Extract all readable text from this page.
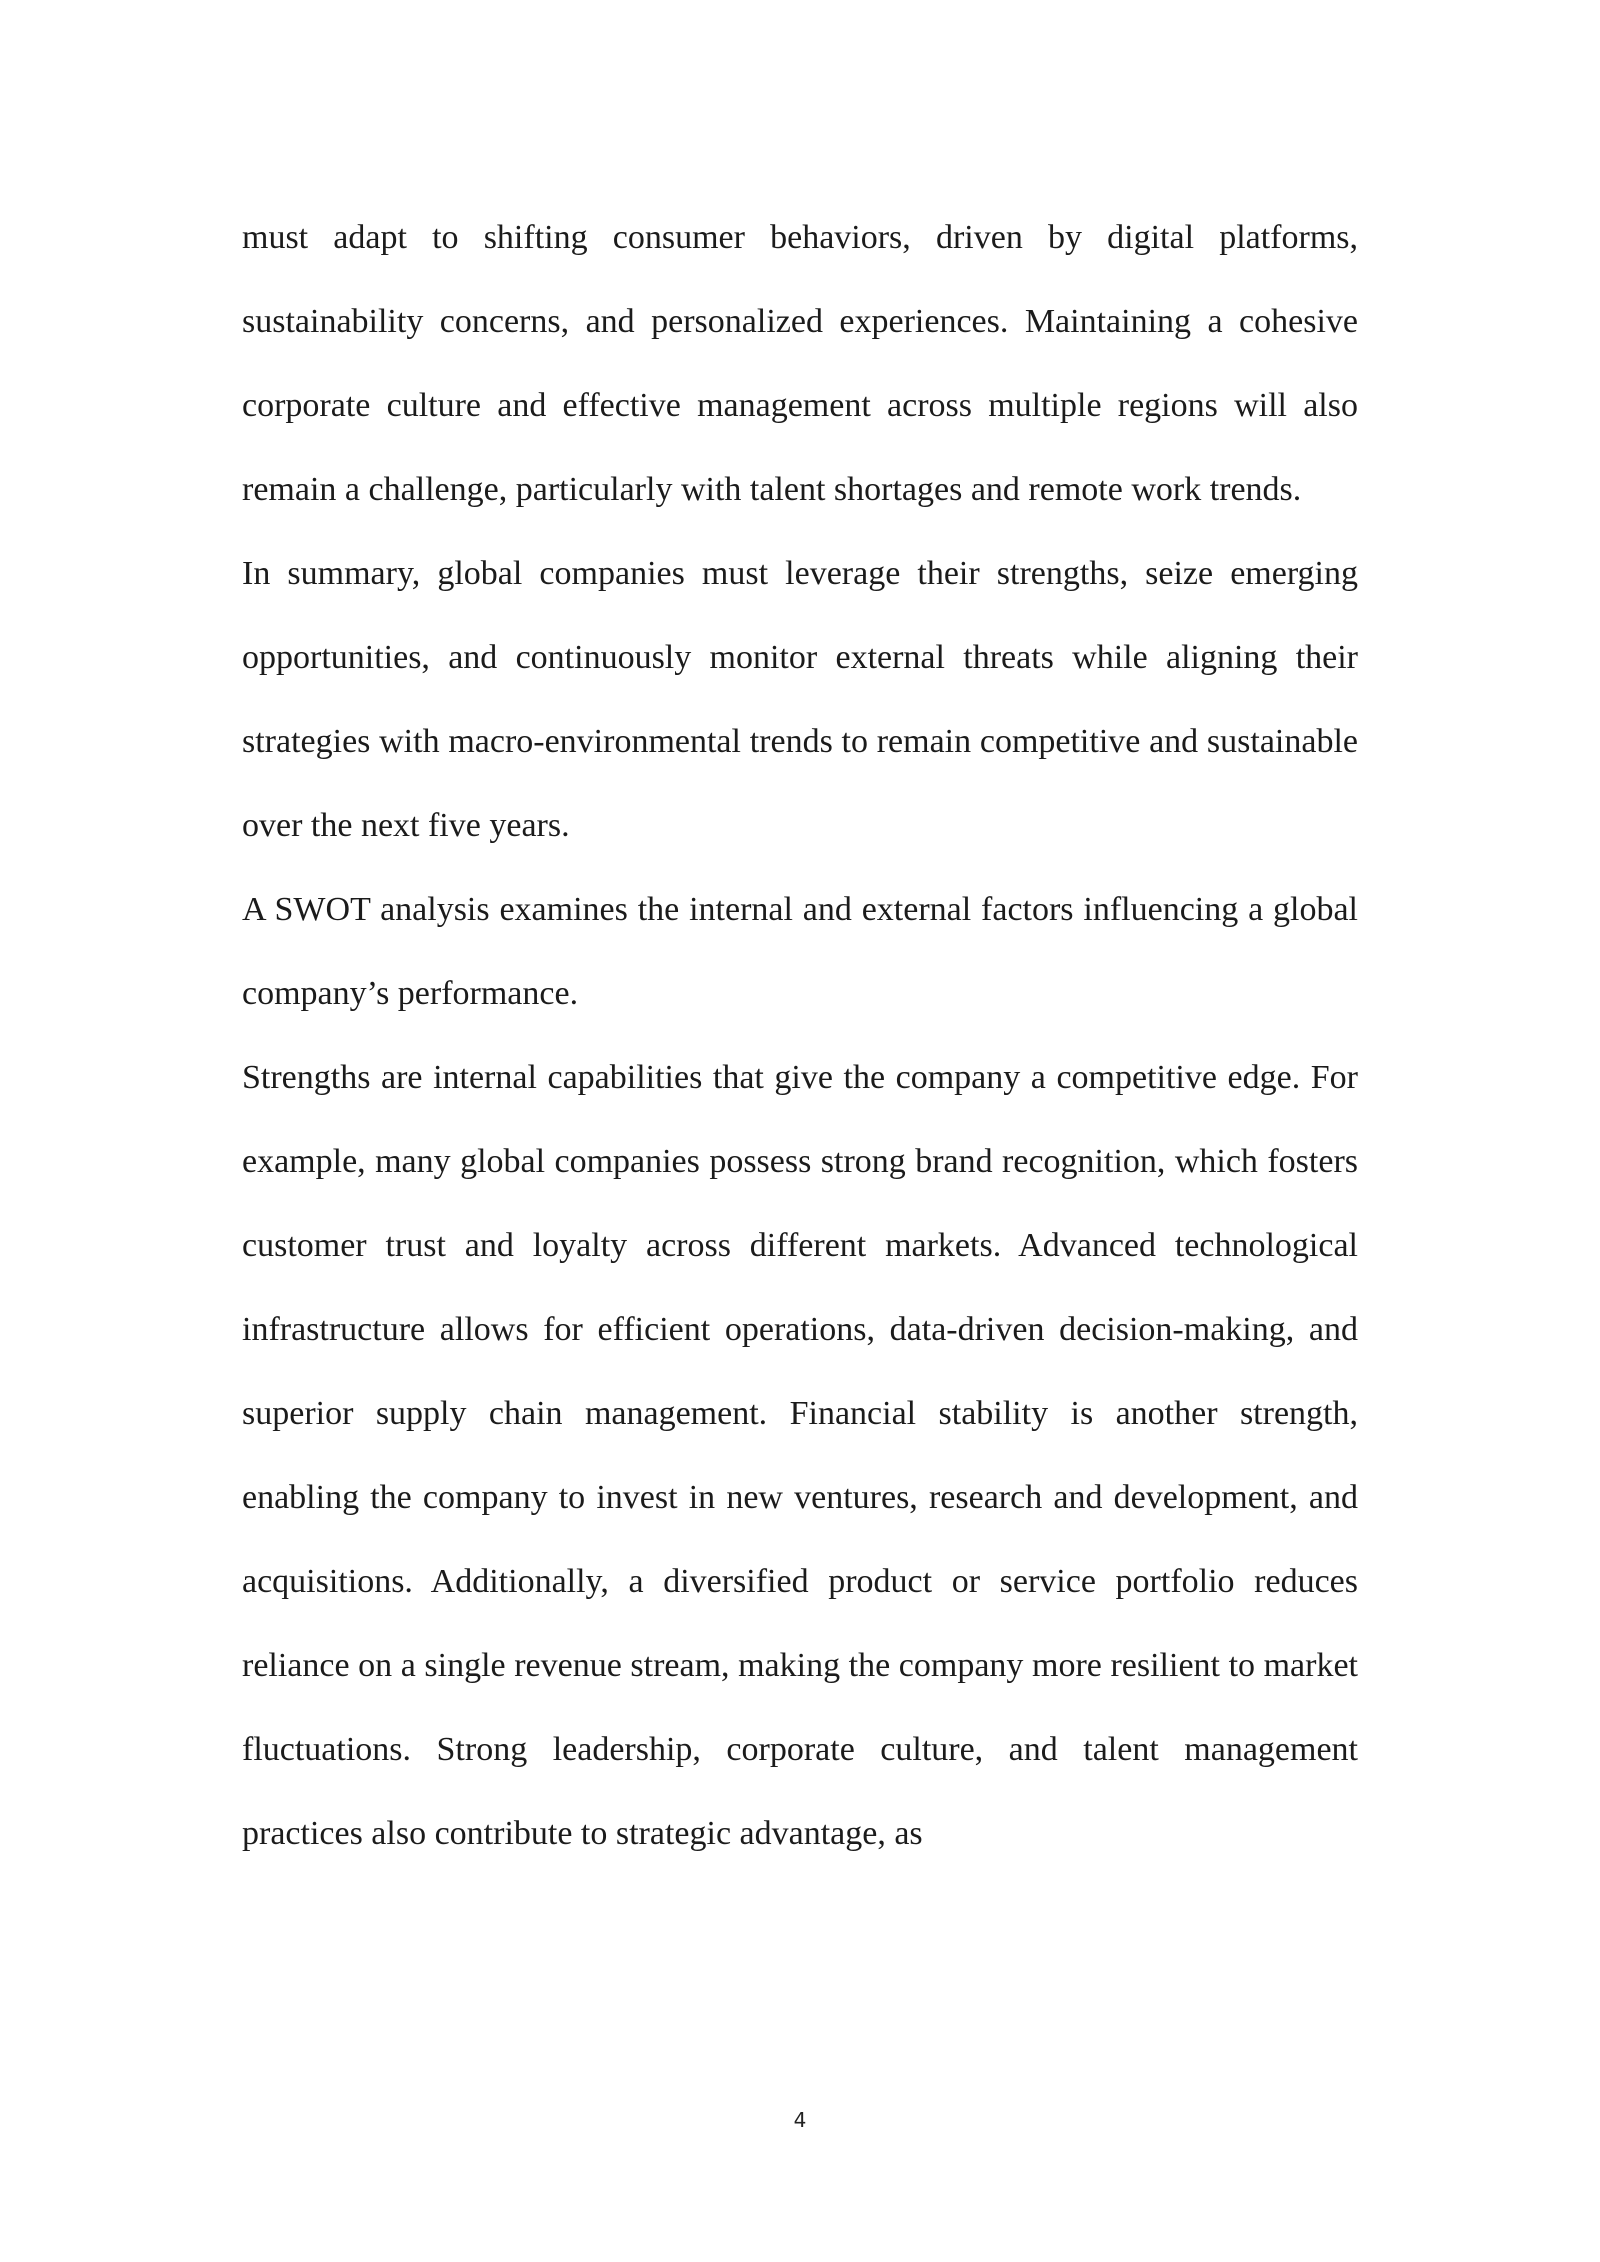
must adapt to shifting consumer behaviors, driven by digital platforms, sustainability concerns, and personalized experiences. Maintaining a cohesive corporate culture and effective management across multiple regions will also remain a challenge, particularly with talent shortages and remote work trends.

In summary, global companies must leverage their strengths, seize emerging opportunities, and continuously monitor external threats while aligning their strategies with macro-environmental trends to remain competitive and sustainable over the next five years.

A SWOT analysis examines the internal and external factors influencing a global company’s performance.

Strengths are internal capabilities that give the company a competitive edge. For example, many global companies possess strong brand recognition, which fosters customer trust and loyalty across different markets. Advanced technological infrastructure allows for efficient operations, data-driven decision-making, and superior supply chain management. Financial stability is another strength, enabling the company to invest in new ventures, research and development, and acquisitions. Additionally, a diversified product or service portfolio reduces reliance on a single revenue stream, making the company more resilient to market fluctuations. Strong leadership, corporate culture, and talent management practices also contribute to strategic advantage, as

4
